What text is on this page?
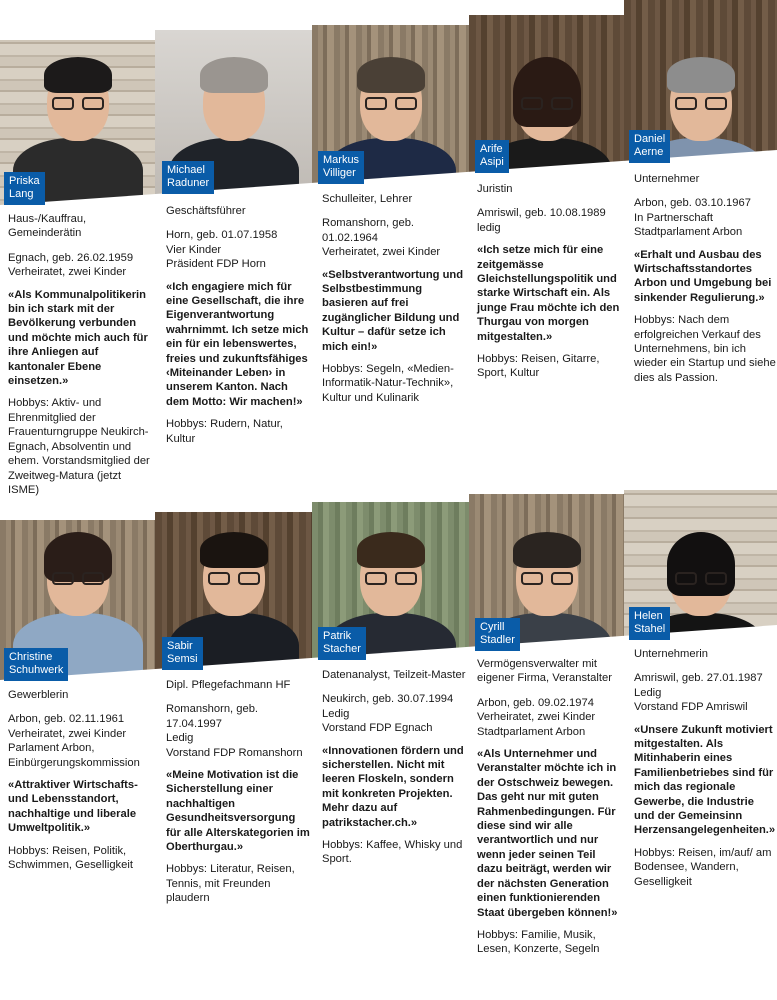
Priska
Lang
Michael
Raduner
Markus
Villiger
Arife
Asipi
Daniel
Aerne

Haus-/Kauffrau,
Gemeinderätin

Egnach, geb. 26.02.1959
Verheiratet, zwei Kinder

«Als Kommunalpolitikerin bin ich stark mit der Bevölkerung verbunden und möchte mich auch für ihre Anliegen auf kantonaler Ebene einsetzen.»

Hobbys: Aktiv- und Ehrenmitglied der Frauenturngruppe Neukirch-Egnach, Absolventin und ehem. Vorstandsmitglied der Zweitweg-Matura (jetzt ISME)

Geschäftsführer

Horn, geb. 01.07.1958
Vier Kinder
Präsident FDP Horn

«Ich engagiere mich für eine Gesellschaft, die ihre Eigenverantwortung wahrnimmt. Ich setze mich ein für ein lebenswertes, freies und zukunftsfähiges ‹Miteinander Leben› in unserem Kanton. Nach dem Motto: Wir machen!»

Hobbys: Rudern, Natur, Kultur

Schulleiter, Lehrer

Romanshorn, geb. 01.02.1964
Verheiratet, zwei Kinder

«Selbstverantwortung und Selbstbestimmung basieren auf frei zugänglicher Bildung und Kultur – dafür setze ich mich ein!»

Hobbys: Segeln, «Medien-Informatik-Natur-Technik», Kultur und Kulinarik

Juristin

Amriswil, geb. 10.08.1989
ledig

«Ich setze mich für eine zeitgemässe Gleichstellungspolitik und starke Wirtschaft ein. Als junge Frau möchte ich den Thurgau von morgen mitgestalten.»

Hobbys: Reisen, Gitarre, Sport, Kultur

Unternehmer

Arbon, geb. 03.10.1967
In Partnerschaft
Stadtparlament Arbon

«Erhalt und Ausbau des Wirtschaftsstandortes Arbon und Umgebung bei sinkender Regulierung.»

Hobbys: Nach dem erfolgreichen Verkauf des Unternehmens, bin ich wieder ein Startup und siehe dies als Passion.

Christine
Schuhwerk
Sabir
Semsi
Patrik
Stacher
Cyrill
Stadler
Helen
Stahel

Gewerblerin

Arbon, geb. 02.11.1961
Verheiratet, zwei Kinder
Parlament Arbon,
Einbürgerungskommission

«Attraktiver Wirtschafts- und Lebensstandort, nachhaltige und liberale Umweltpolitik.»

Hobbys: Reisen, Politik, Schwimmen, Geselligkeit

Dipl. Pflegefachmann HF

Romanshorn, geb. 17.04.1997
Ledig
Vorstand FDP Romanshorn

«Meine Motivation ist die Sicherstellung einer nachhaltigen Gesundheitsversorgung für alle Alterskategorien im Oberthurgau.»

Hobbys: Literatur, Reisen, Tennis, mit Freunden plaudern

Datenanalyst, Teilzeit-Master

Neukirch, geb. 30.07.1994
Ledig
Vorstand FDP Egnach

«Innovationen fördern und sicherstellen. Nicht mit leeren Floskeln, sondern mit konkreten Projekten. Mehr dazu auf patrikstacher.ch.»

Hobbys: Kaffee, Whisky und Sport.

Vermögensverwalter mit eigener Firma, Veranstalter

Arbon, geb. 09.02.1974
Verheiratet, zwei Kinder
Stadtparlament Arbon

«Als Unternehmer und Veranstalter möchte ich in der Ostschweiz bewegen. Das geht nur mit guten Rahmenbedingungen. Für diese sind wir alle verantwortlich und nur wenn jeder seinen Teil dazu beiträgt, werden wir der nächsten Generation einen funktionierenden Staat übergeben können!»

Hobbys: Familie, Musik, Lesen, Konzerte, Segeln

Unternehmerin

Amriswil, geb. 27.01.1987
Ledig
Vorstand FDP Amriswil

«Unsere Zukunft motiviert mitgestalten. Als Mitinhaberin eines Familienbetriebes sind für mich das regionale Gewerbe, die Industrie und der Gemeinsinn Herzensangelegenheiten.»

Hobbys: Reisen, im/auf/ am Bodensee, Wandern, Geselligkeit
